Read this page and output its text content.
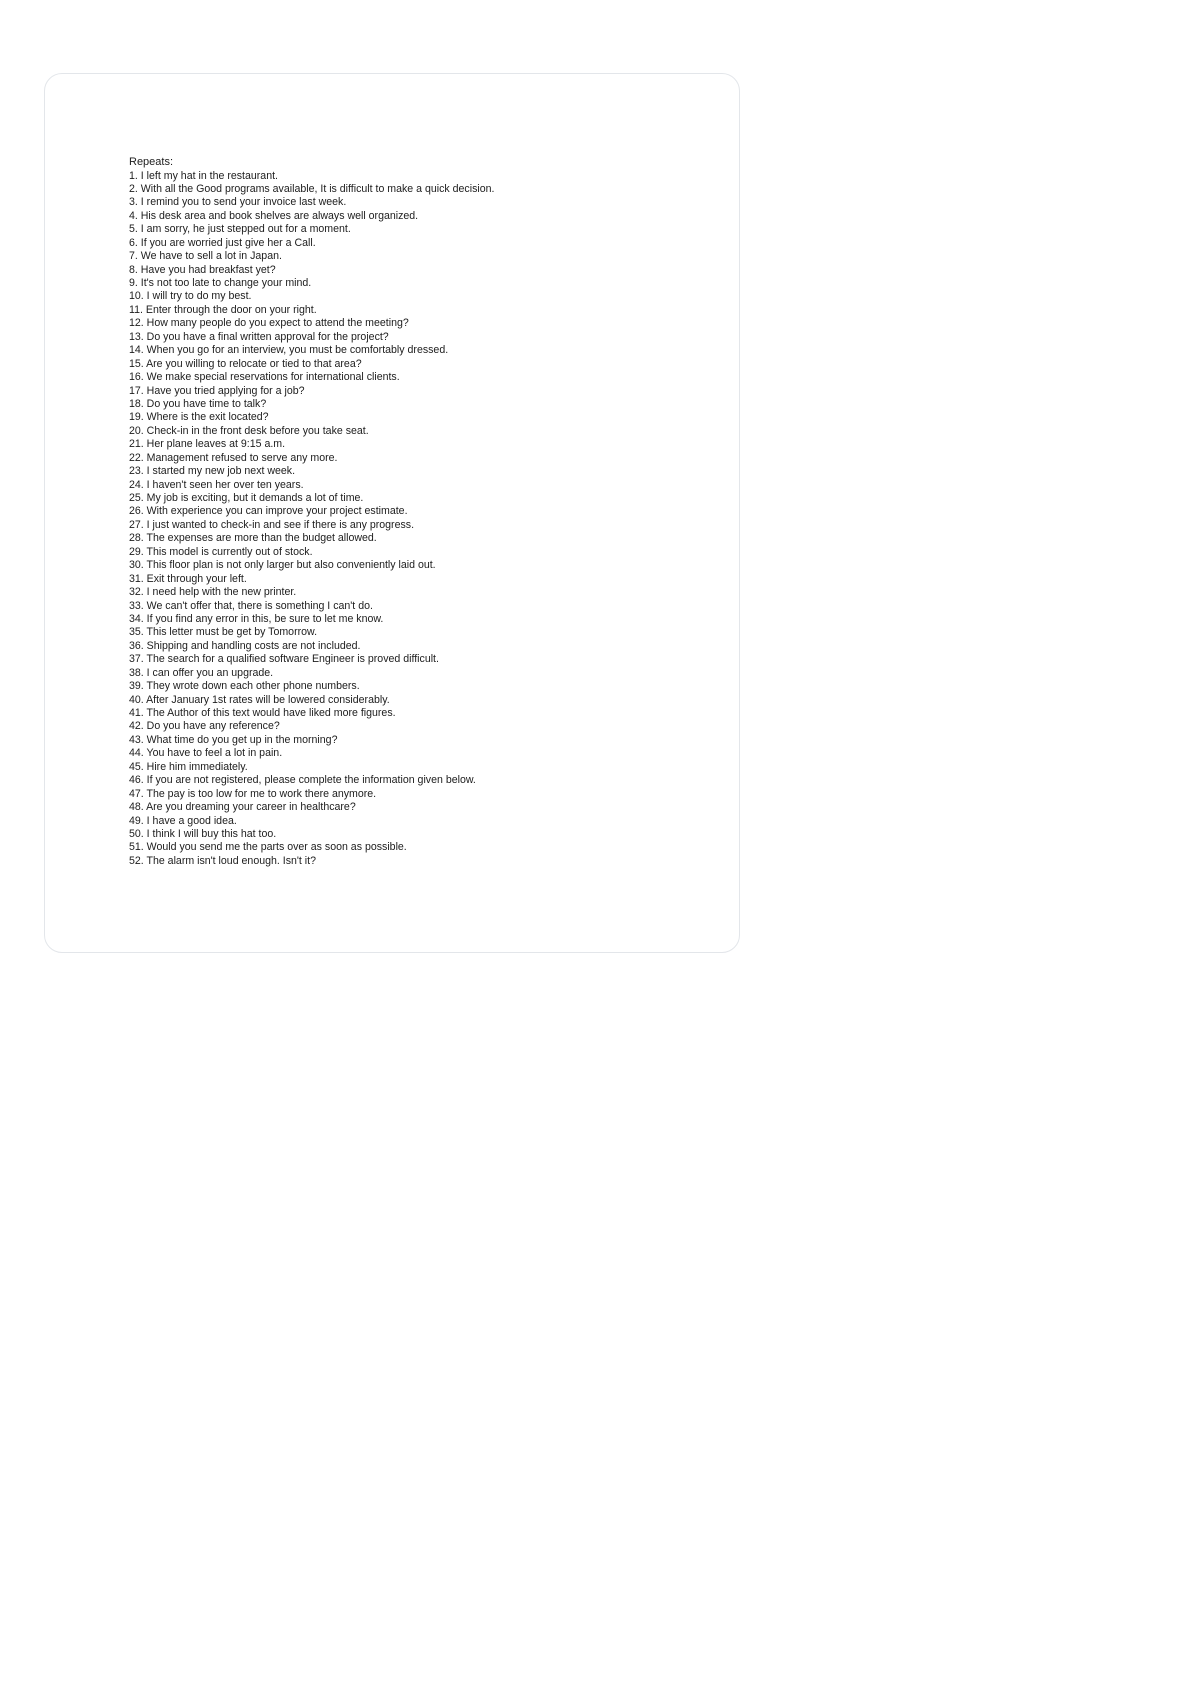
Repeats:

1. I left my hat in the restaurant.
2. With all the Good programs available, It is difficult to make a quick decision.
3. I remind you to send your invoice last week.
4. His desk area and book shelves are always well organized.
5. I am sorry, he just stepped out for a moment.
6. If you are worried just give her a Call.
7. We have to sell a lot in Japan.
8. Have you had breakfast yet?
9. It's not too late to change your mind.
10. I will try to do my best.
11. Enter through the door on your right.
12. How many people do you expect to attend the meeting?
13. Do you have a final written approval for the project?
14. When you go for an interview, you must be comfortably dressed.
15. Are you willing to relocate or tied to that area?
16. We make special reservations for international clients.
17. Have you tried applying for a job?
18. Do you have time to talk?
19. Where is the exit located?
20. Check-in in the front desk before you take seat.
21. Her plane leaves at 9:15 a.m.
22. Management refused to serve any more.
23. I started my new job next week.
24. I haven't seen her over ten years.
25. My job is exciting, but it demands a lot of time.
26. With experience you can improve your project estimate.
27. I just wanted to check-in and see if there is any progress.
28. The expenses are more than the budget allowed.
29. This model is currently out of stock.
30. This floor plan is not only larger but also conveniently laid out.
31. Exit through your left.
32. I need help with the new printer.
33. We can't offer that, there is something I can't do.
34. If you find any error in this, be sure to let me know.
35. This letter must be get by Tomorrow.
36. Shipping and handling costs are not included.
37. The search for a qualified software Engineer is proved difficult.
38. I can offer you an upgrade.
39. They wrote down each other phone numbers.
40. After January 1st rates will be lowered considerably.
41. The Author of this text would have liked more figures.
42. Do you have any reference?
43. What time do you get up in the morning?
44. You have to feel a lot in pain.
45. Hire him immediately.
46. If you are not registered, please complete the information given below.
47. The pay is too low for me to work there anymore.
48. Are you dreaming your career in healthcare?
49. I have a good idea.
50. I think I will buy this hat too.
51. Would you send me the parts over as soon as possible.
52. The alarm isn't loud enough. Isn't it?
